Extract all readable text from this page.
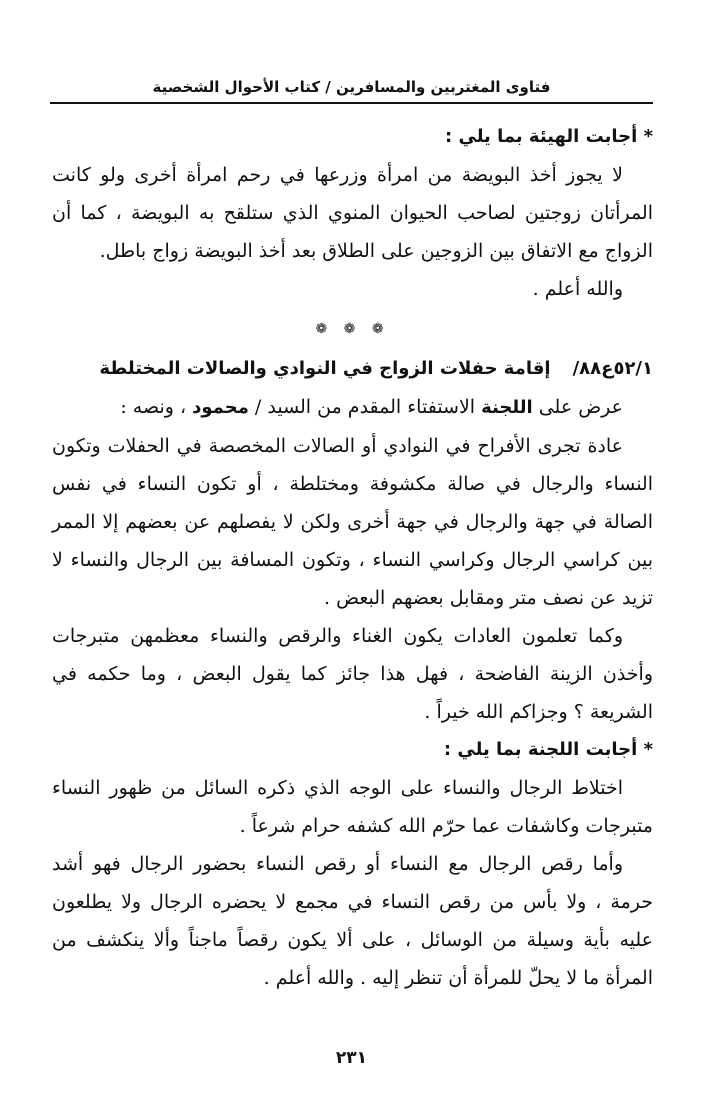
فتاوى المغتربين والمسافرين / كتاب الأحوال الشخصية
* أجابت الهيئة بما يلي :
لا يجوز أخذ البويضة من امرأة وزرعها في رحم امرأة أخرى ولو كانت المرأتان زوجتين لصاحب الحيوان المنوي الذي ستلقح به البويضة ، كما أن الزواج مع الاتفاق بين الزوجين على الطلاق بعد أخذ البويضة زواج باطل.
والله أعلم .
❁ ❁ ❁
٥٢/١ع٨٨/
إقامة حفلات الزواج في النوادي والصالات المختلطة
عرض على اللجنة الاستفتاء المقدم من السيد / محمود ، ونصه :
عادة تجرى الأفراح في النوادي أو الصالات المخصصة في الحفلات وتكون النساء والرجال في صالة مكشوفة ومختلطة ، أو تكون النساء في نفس الصالة في جهة والرجال في جهة أخرى ولكن لا يفصلهم عن بعضهم إلا الممر بين كراسي الرجال وكراسي النساء ، وتكون المسافة بين الرجال والنساء لا تزيد عن نصف متر ومقابل بعضهم البعض .
وكما تعلمون العادات يكون الغناء والرقص والنساء معظمهن متبرجات وأخذن الزينة الفاضحة ، فهل هذا جائز كما يقول البعض ، وما حكمه في الشريعة ؟ وجزاكم الله خيراً .
* أجابت اللجنة بما يلي :
اختلاط الرجال والنساء على الوجه الذي ذكره السائل من ظهور النساء متبرجات وكاشفات عما حرّم الله كشفه حرام شرعاً .
وأما رقص الرجال مع النساء أو رقص النساء بحضور الرجال فهو أشد حرمة ، ولا بأس من رقص النساء في مجمع لا يحضره الرجال ولا يطلعون عليه بأية وسيلة من الوسائل ، على ألا يكون رقصاً ماجناً وألا ينكشف من المرأة ما لا يحلّ للمرأة أن تنظر إليه . والله أعلم .
٢٣١
